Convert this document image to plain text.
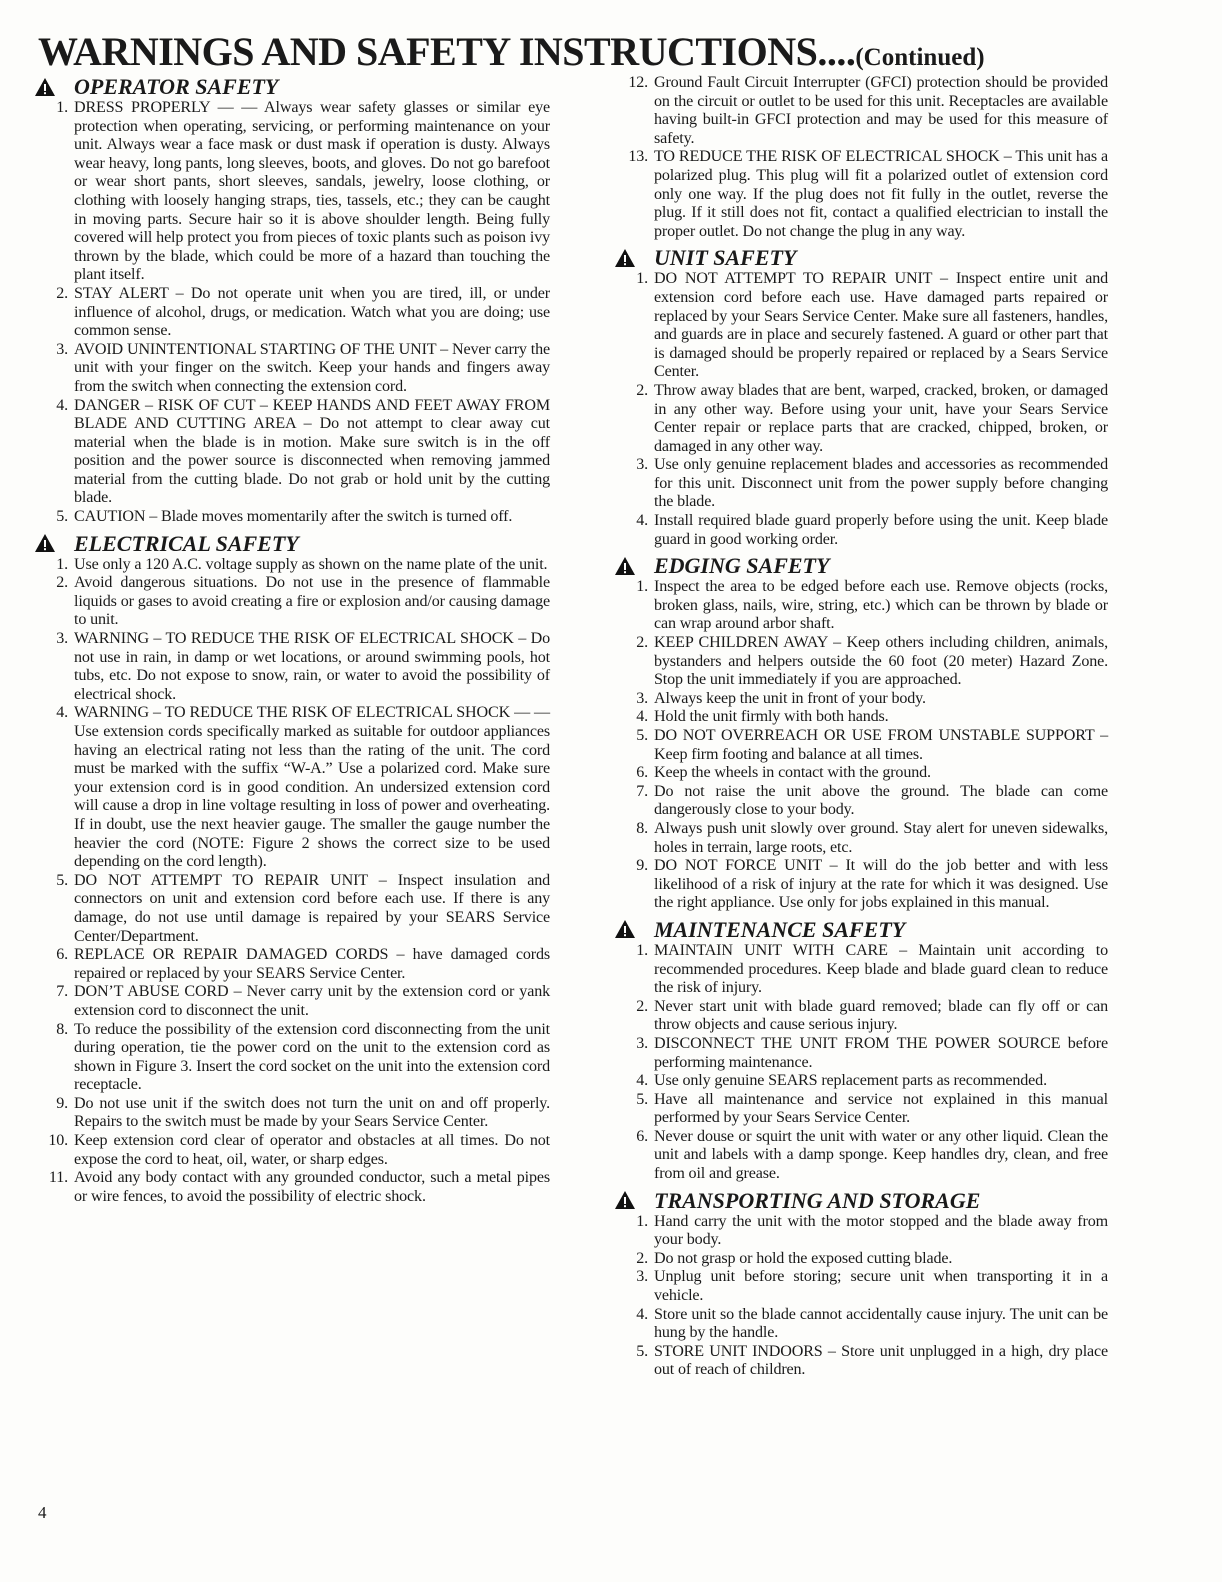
WARNINGS AND SAFETY INSTRUCTIONS....(Continued)
OPERATOR SAFETY
1. DRESS PROPERLY — — Always wear safety glasses or similar eye protection when operating, servicing, or performing maintenance on your unit. Always wear a face mask or dust mask if operation is dusty. Always wear heavy, long pants, long sleeves, boots, and gloves. Do not go barefoot or wear short pants, short sleeves, sandals, jewelry, loose clothing, or clothing with loosely hanging straps, ties, tassels, etc.; they can be caught in moving parts. Secure hair so it is above shoulder length. Being fully covered will help protect you from pieces of toxic plants such as poison ivy thrown by the blade, which could be more of a hazard than touching the plant itself.
2. STAY ALERT – Do not operate unit when you are tired, ill, or under influence of alcohol, drugs, or medication. Watch what you are doing; use common sense.
3. AVOID UNINTENTIONAL STARTING OF THE UNIT – Never carry the unit with your finger on the switch. Keep your hands and fingers away from the switch when connecting the extension cord.
4. DANGER – RISK OF CUT – KEEP HANDS AND FEET AWAY FROM BLADE AND CUTTING AREA – Do not attempt to clear away cut material when the blade is in motion. Make sure switch is in the off position and the power source is disconnected when removing jammed material from the cutting blade. Do not grab or hold unit by the cutting blade.
5. CAUTION – Blade moves momentarily after the switch is turned off.
ELECTRICAL SAFETY
1. Use only a 120 A.C. voltage supply as shown on the name plate of the unit.
2. Avoid dangerous situations. Do not use in the presence of flammable liquids or gases to avoid creating a fire or explosion and/or causing damage to unit.
3. WARNING – TO REDUCE THE RISK OF ELECTRICAL SHOCK – Do not use in rain, in damp or wet locations, or around swimming pools, hot tubs, etc. Do not expose to snow, rain, or water to avoid the possibility of electrical shock.
4. WARNING – TO REDUCE THE RISK OF ELECTRICAL SHOCK — — Use extension cords specifically marked as suitable for outdoor appliances having an electrical rating not less than the rating of the unit. The cord must be marked with the suffix “W-A.” Use a polarized cord. Make sure your extension cord is in good condition. An undersized extension cord will cause a drop in line voltage resulting in loss of power and overheating. If in doubt, use the next heavier gauge. The smaller the gauge number the heavier the cord (NOTE: Figure 2 shows the correct size to be used depending on the cord length).
5. DO NOT ATTEMPT TO REPAIR UNIT – Inspect insulation and connectors on unit and extension cord before each use. If there is any damage, do not use until damage is repaired by your SEARS Service Center/Department.
6. REPLACE OR REPAIR DAMAGED CORDS – have damaged cords repaired or replaced by your SEARS Service Center.
7. DON’T ABUSE CORD – Never carry unit by the extension cord or yank extension cord to disconnect the unit.
8. To reduce the possibility of the extension cord disconnecting from the unit during operation, tie the power cord on the unit to the extension cord as shown in Figure 3. Insert the cord socket on the unit into the extension cord receptacle.
9. Do not use unit if the switch does not turn the unit on and off properly. Repairs to the switch must be made by your Sears Service Center.
10. Keep extension cord clear of operator and obstacles at all times. Do not expose the cord to heat, oil, water, or sharp edges.
11. Avoid any body contact with any grounded conductor, such a metal pipes or wire fences, to avoid the possibility of electric shock.
12. Ground Fault Circuit Interrupter (GFCI) protection should be provided on the circuit or outlet to be used for this unit. Receptacles are available having built-in GFCI protection and may be used for this measure of safety.
13. TO REDUCE THE RISK OF ELECTRICAL SHOCK – This unit has a polarized plug. This plug will fit a polarized outlet of extension cord only one way. If the plug does not fit fully in the outlet, reverse the plug. If it still does not fit, contact a qualified electrician to install the proper outlet. Do not change the plug in any way.
UNIT SAFETY
1. DO NOT ATTEMPT TO REPAIR UNIT – Inspect entire unit and extension cord before each use. Have damaged parts repaired or replaced by your Sears Service Center. Make sure all fasteners, handles, and guards are in place and securely fastened. A guard or other part that is damaged should be properly repaired or replaced by a Sears Service Center.
2. Throw away blades that are bent, warped, cracked, broken, or damaged in any other way. Before using your unit, have your Sears Service Center repair or replace parts that are cracked, chipped, broken, or damaged in any other way.
3. Use only genuine replacement blades and accessories as recommended for this unit. Disconnect unit from the power supply before changing the blade.
4. Install required blade guard properly before using the unit. Keep blade guard in good working order.
EDGING SAFETY
1. Inspect the area to be edged before each use. Remove objects (rocks, broken glass, nails, wire, string, etc.) which can be thrown by blade or can wrap around arbor shaft.
2. KEEP CHILDREN AWAY – Keep others including children, animals, bystanders and helpers outside the 60 foot (20 meter) Hazard Zone. Stop the unit immediately if you are approached.
3. Always keep the unit in front of your body.
4. Hold the unit firmly with both hands.
5. DO NOT OVERREACH OR USE FROM UNSTABLE SUPPORT – Keep firm footing and balance at all times.
6. Keep the wheels in contact with the ground.
7. Do not raise the unit above the ground. The blade can come dangerously close to your body.
8. Always push unit slowly over ground. Stay alert for uneven sidewalks, holes in terrain, large roots, etc.
9. DO NOT FORCE UNIT – It will do the job better and with less likelihood of a risk of injury at the rate for which it was designed. Use the right appliance. Use only for jobs explained in this manual.
MAINTENANCE SAFETY
1. MAINTAIN UNIT WITH CARE – Maintain unit according to recommended procedures. Keep blade and blade guard clean to reduce the risk of injury.
2. Never start unit with blade guard removed; blade can fly off or can throw objects and cause serious injury.
3. DISCONNECT THE UNIT FROM THE POWER SOURCE before performing maintenance.
4. Use only genuine SEARS replacement parts as recommended.
5. Have all maintenance and service not explained in this manual performed by your Sears Service Center.
6. Never douse or squirt the unit with water or any other liquid. Clean the unit and labels with a damp sponge. Keep handles dry, clean, and free from oil and grease.
TRANSPORTING AND STORAGE
1. Hand carry the unit with the motor stopped and the blade away from your body.
2. Do not grasp or hold the exposed cutting blade.
3. Unplug unit before storing; secure unit when transporting it in a vehicle.
4. Store unit so the blade cannot accidentally cause injury. The unit can be hung by the handle.
5. STORE UNIT INDOORS – Store unit unplugged in a high, dry place out of reach of children.
4
